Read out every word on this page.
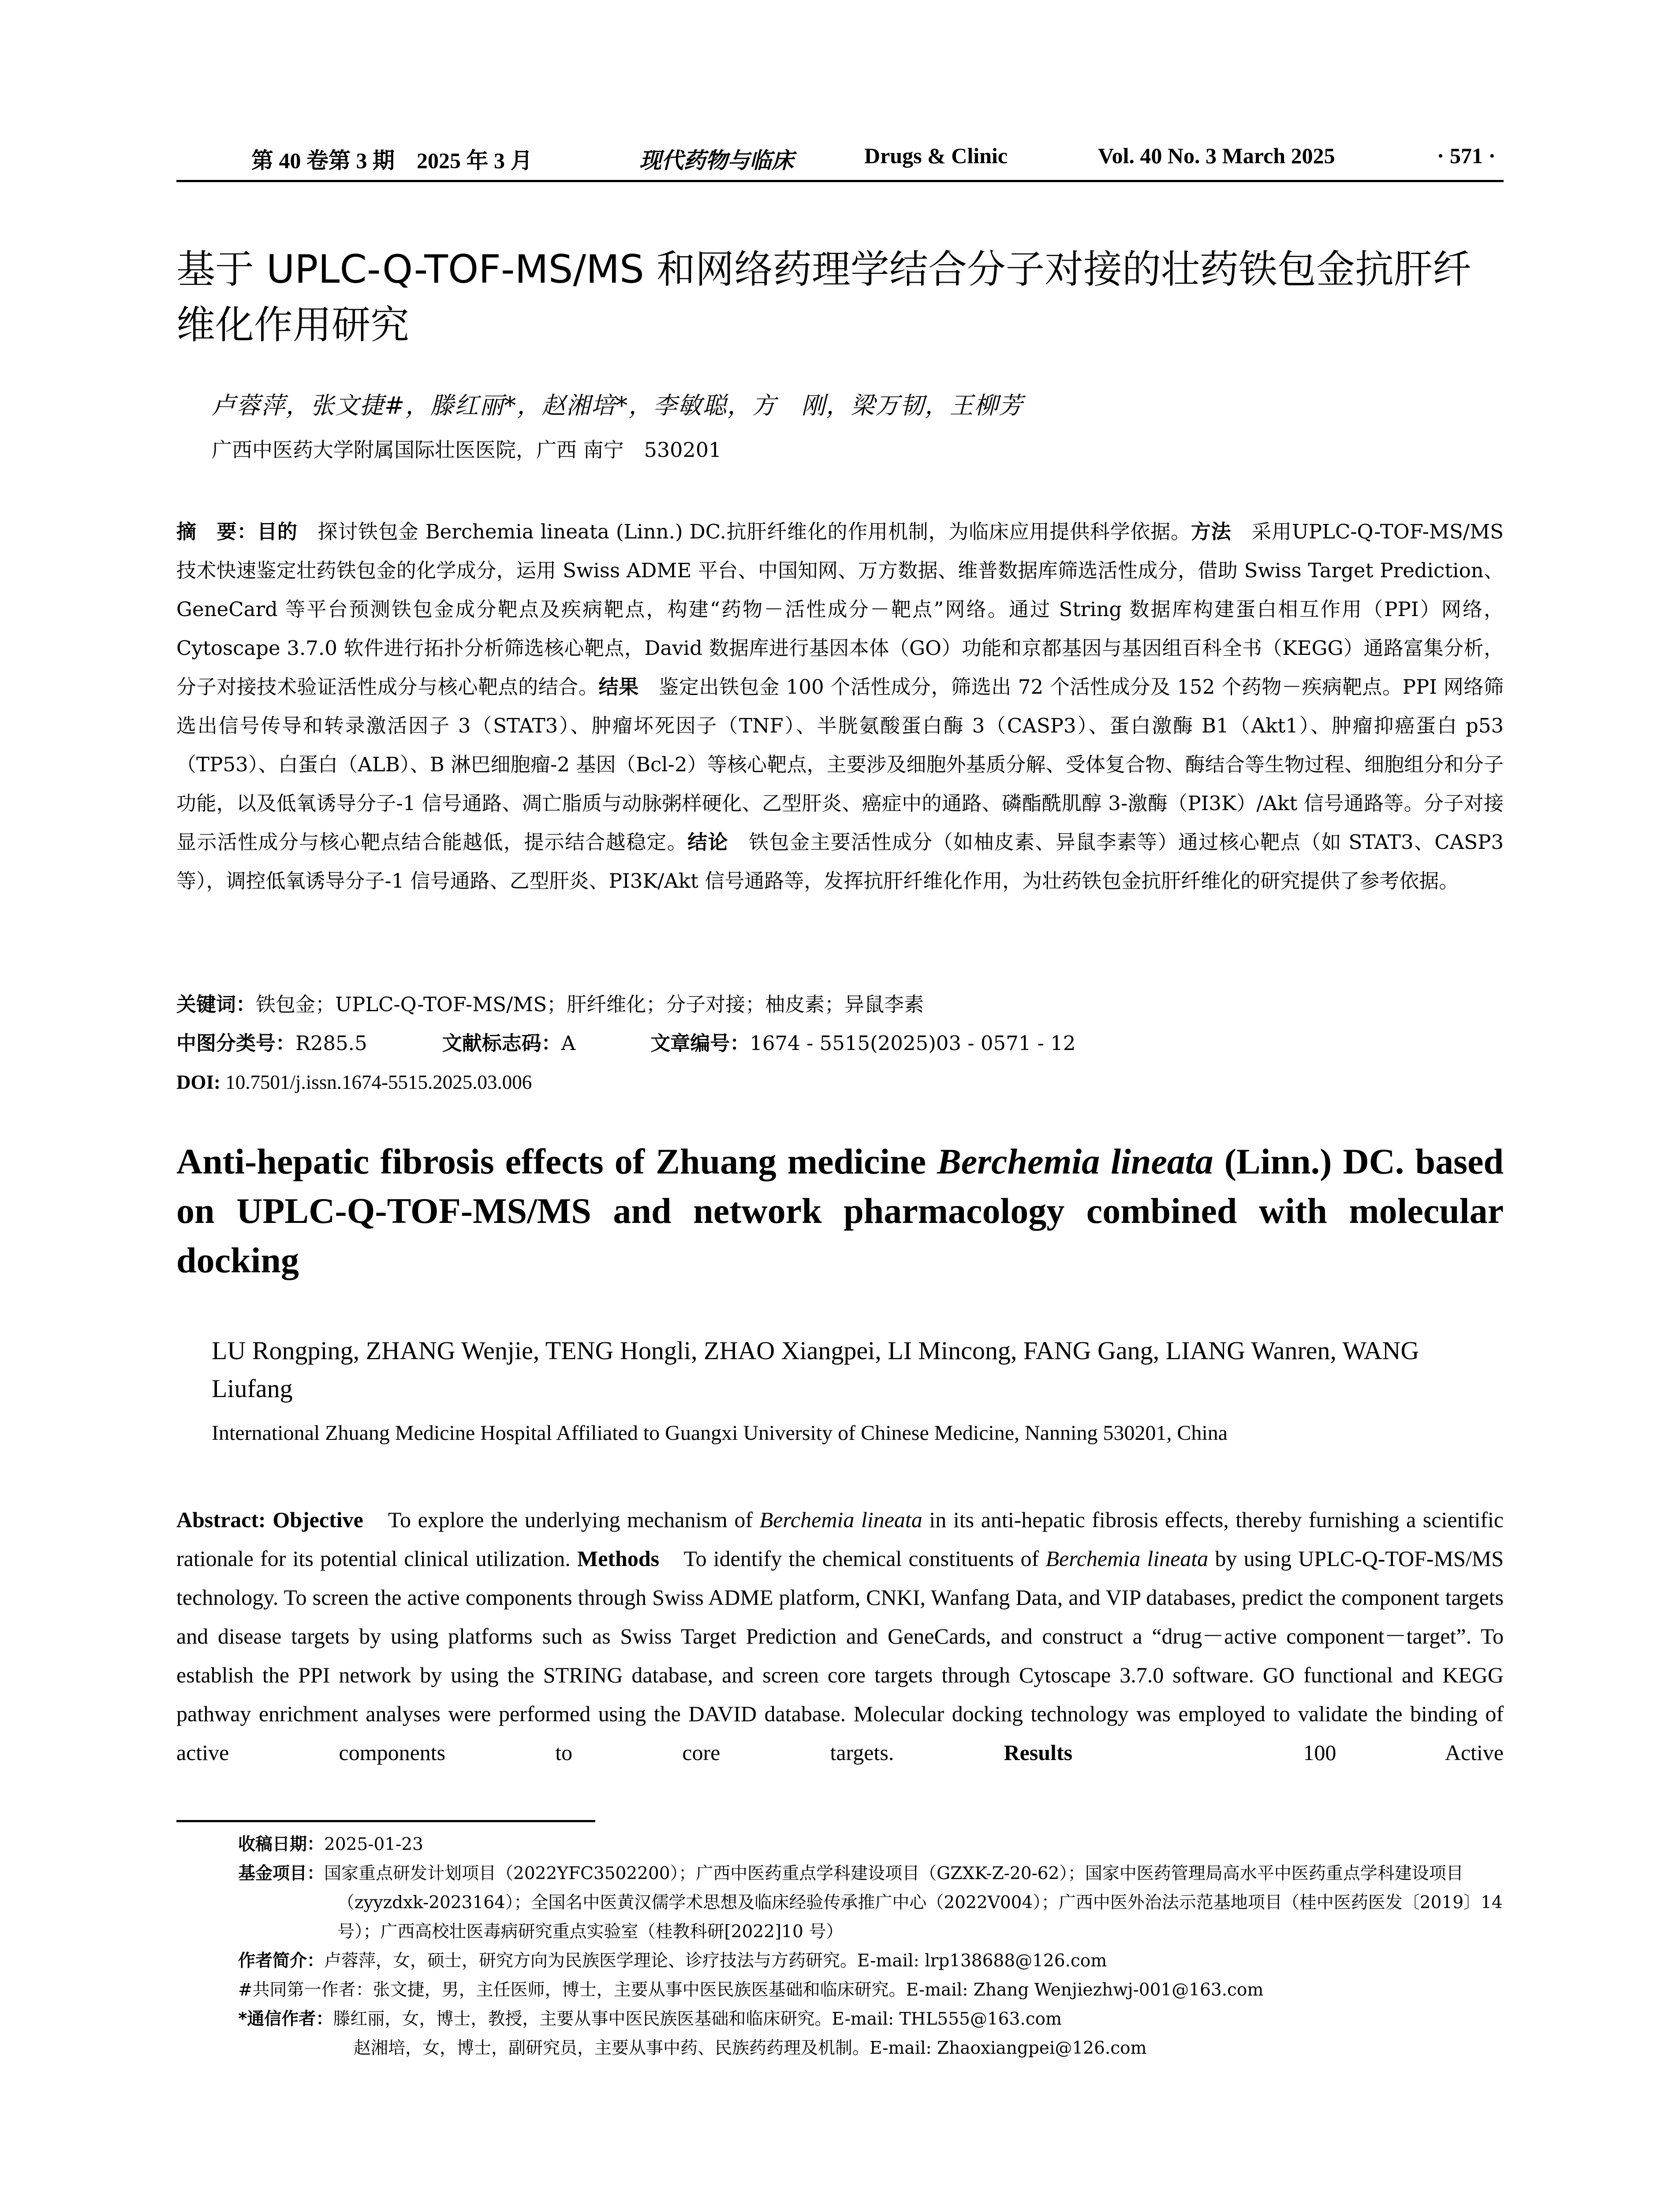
第 40 卷第 3 期　2025 年 3 月	现代药物与临床	Drugs & Clinic	Vol. 40 No. 3 March 2025	· 571 ·
基于 UPLC-Q-TOF-MS/MS 和网络药理学结合分子对接的壮药铁包金抗肝纤维化作用研究
卢蓉萍，张文捷#，滕红丽*，赵湘培*，李敏聪，方　刚，梁万韧，王柳芳
广西中医药大学附属国际壮医医院，广西 南宁　530201
摘　要：目的　探讨铁包金 Berchemia lineata (Linn.) DC.抗肝纤维化的作用机制，为临床应用提供科学依据。方法　采用UPLC-Q-TOF-MS/MS 技术快速鉴定壮药铁包金的化学成分，运用 Swiss ADME 平台、中国知网、万方数据、维普数据库筛选活性成分，借助 Swiss Target Prediction、GeneCard 等平台预测铁包金成分靶点及疾病靶点，构建“药物－活性成分－靶点”网络。通过 String 数据库构建蛋白相互作用（PPI）网络，Cytoscape 3.7.0 软件进行拓扑分析筛选核心靶点，David 数据库进行基因本体（GO）功能和京都基因与基因组百科全书（KEGG）通路富集分析，分子对接技术验证活性成分与核心靶点的结合。结果　鉴定出铁包金 100 个活性成分，筛选出 72 个活性成分及 152 个药物－疾病靶点。PPI 网络筛选出信号传导和转录激活因子 3（STAT3）、肿瘤坏死因子（TNF）、半胱氨酸蛋白酶 3（CASP3）、蛋白激酶 B1（Akt1）、肿瘤抑癌蛋白 p53（TP53）、白蛋白（ALB）、B 淋巴细胞瘤-2 基因（Bcl-2）等核心靶点，主要涉及细胞外基质分解、受体复合物、酶结合等生物过程、细胞组分和分子功能，以及低氧诱导分子-1 信号通路、凋亡脂质与动脉粥样硬化、乙型肝炎、癌症中的通路、磷酯酰肌醇 3-激酶（PI3K）/Akt 信号通路等。分子对接显示活性成分与核心靶点结合能越低，提示结合越稳定。结论　铁包金主要活性成分（如柚皮素、异鼠李素等）通过核心靶点（如 STAT3、CASP3 等），调控低氧诱导分子-1 信号通路、乙型肝炎、PI3K/Akt 信号通路等，发挥抗肝纤维化作用，为壮药铁包金抗肝纤维化的研究提供了参考依据。
关键词：铁包金；UPLC-Q-TOF-MS/MS；肝纤维化；分子对接；柚皮素；异鼠李素
中图分类号：R285.5	文献标志码：A	文章编号：1674 - 5515(2025)03 - 0571 - 12
DOI: 10.7501/j.issn.1674-5515.2025.03.006
Anti-hepatic fibrosis effects of Zhuang medicine Berchemia lineata (Linn.) DC. based on UPLC-Q-TOF-MS/MS and network pharmacology combined with molecular docking
LU Rongping, ZHANG Wenjie, TENG Hongli, ZHAO Xiangpei, LI Mincong, FANG Gang, LIANG Wanren, WANG Liufang
International Zhuang Medicine Hospital Affiliated to Guangxi University of Chinese Medicine, Nanning 530201, China
Abstract: Objective　To explore the underlying mechanism of Berchemia lineata in its anti-hepatic fibrosis effects, thereby furnishing a scientific rationale for its potential clinical utilization. Methods　To identify the chemical constituents of Berchemia lineata by using UPLC-Q-TOF-MS/MS technology. To screen the active components through Swiss ADME platform, CNKI, Wanfang Data, and VIP databases, predict the component targets and disease targets by using platforms such as Swiss Target Prediction and GeneCards, and construct a “drug－active component－target”. To establish the PPI network by using the STRING database, and screen core targets through Cytoscape 3.7.0 software. GO functional and KEGG pathway enrichment analyses were performed using the DAVID database. Molecular docking technology was employed to validate the binding of active components to core targets. Results　100 Active
收稿日期：2025-01-23
基金项目：国家重点研发计划项目（2022YFC3502200）；广西中医药重点学科建设项目（GZXK-Z-20-62）；国家中医药管理局高水平中医药重点学科建设项目（zyyzdxk-2023164）；全国名中医黄汉儒学术思想及临床经验传承推广中心（2022V004）；广西中医外治法示范基地项目（桂中医药医发〔2019〕14 号）；广西高校壮医毒病研究重点实验室（桂教科研[2022]10 号）
作者简介：卢蓉萍，女，硕士，研究方向为民族医学理论、诊疗技法与方药研究。E-mail: lrp138688@126.com
#共同第一作者：张文捷，男，主任医师，博士，主要从事中医民族医基础和临床研究。E-mail: Zhang Wenjiezhwj-001@163.com
*通信作者：滕红丽，女，博士，教授，主要从事中医民族医基础和临床研究。E-mail: THL555@163.com
赵湘培，女，博士，副研究员，主要从事中药、民族药药理及机制。E-mail: Zhaoxiangpei@126.com
